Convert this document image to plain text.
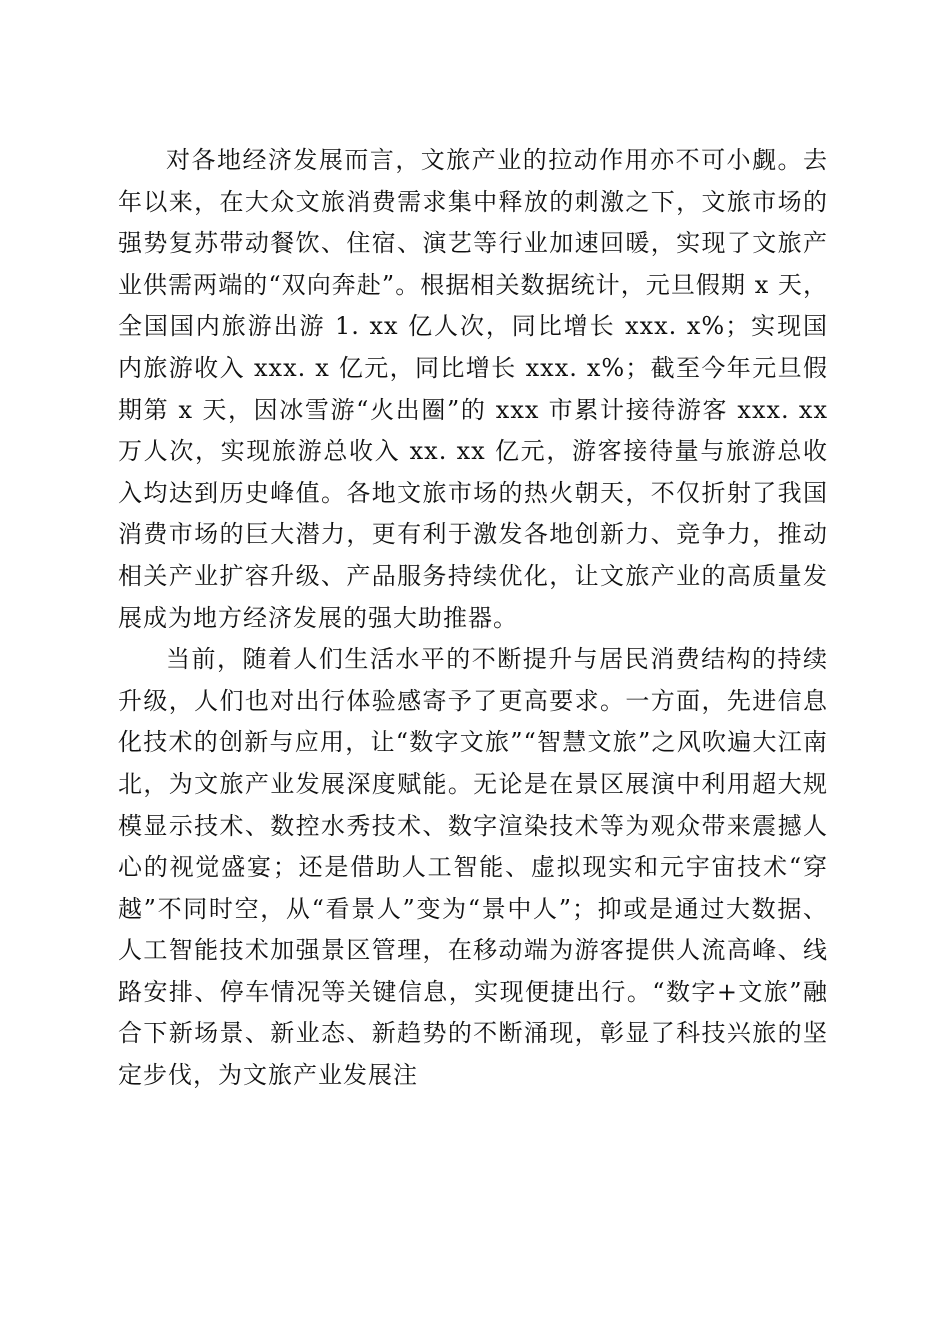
对各地经济发展而言，文旅产业的拉动作用亦不可小觑。去年以来，在大众文旅消费需求集中释放的刺激之下，文旅市场的强势复苏带动餐饮、住宿、演艺等行业加速回暖，实现了文旅产业供需两端的“双向奔赴”。根据相关数据统计，元旦假期 x 天，全国国内旅游出游 1. xx 亿人次，同比增长 xxx. x%；实现国内旅游收入 xxx. x 亿元，同比增长 xxx. x%；截至今年元旦假期第 x 天，因冰雪游“火出圈”的 xxx 市累计接待游客 xxx. xx 万人次，实现旅游总收入 xx. xx 亿元，游客接待量与旅游总收入均达到历史峰值。各地文旅市场的热火朝天，不仅折射了我国消费市场的巨大潜力，更有利于激发各地创新力、竞争力，推动相关产业扩容升级、产品服务持续优化，让文旅产业的高质量发展成为地方经济发展的强大助推器。

当前，随着人们生活水平的不断提升与居民消费结构的持续升级，人们也对出行体验感寄予了更高要求。一方面，先进信息化技术的创新与应用，让“数字文旅”“智慧文旅”之风吹遍大江南北，为文旅产业发展深度赋能。无论是在景区展演中利用超大规模显示技术、数控水秀技术、数字渲染技术等为观众带来震撼人心的视觉盛宴；还是借助人工智能、虚拟现实和元宇宙技术“穿越”不同时空，从“看景人”变为“景中人”；抑或是通过大数据、人工智能技术加强景区管理，在移动端为游客提供人流高峰、线路安排、停车情况等关键信息，实现便捷出行。“数字+文旅”融合下新场景、新业态、新趋势的不断涌现，彰显了科技兴旅的坚定步伐，为文旅产业发展注
